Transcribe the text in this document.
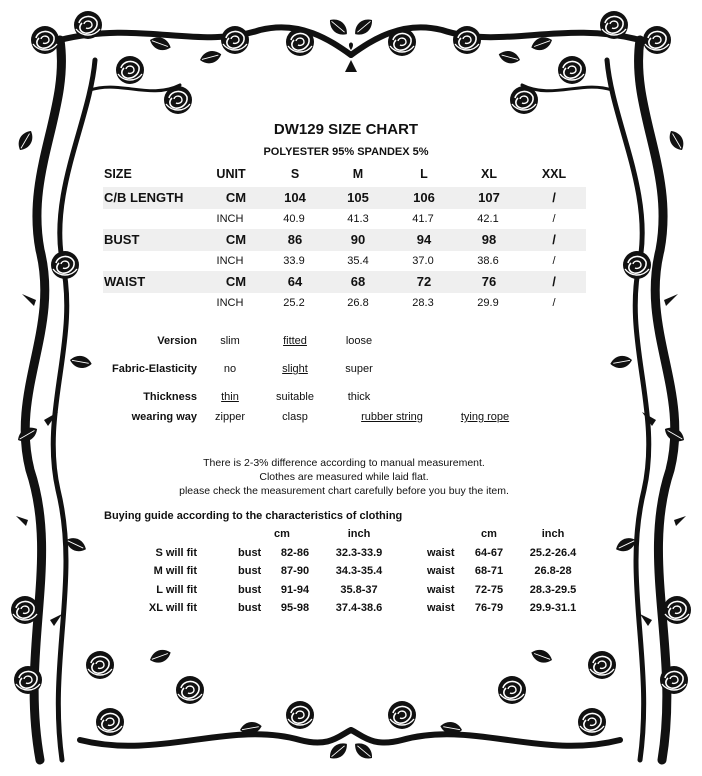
DW129 SIZE CHART
POLYESTER 95% SPANDEX 5%
SIZE	UNIT	S	M	L	XL	XXL
C/B LENGTH	CM	104	105	106	107	/
INCH	40.9	41.3	41.7	42.1	/
BUST	CM	86	90	94	98	/
INCH	33.9	35.4	37.0	38.6	/
WAIST	CM	64	68	72	76	/
INCH	25.2	26.8	28.3	29.9	/
Version slim	fitted	loose
Fabric-Elasticity no	slight	super
Thickness thin	suitable	thick
wearing way zipper	clasp	rubber string	tying rope
There is 2-3% difference according to manual measurement.
Clothes are measured while laid flat.
please check the measurement chart carefully before you buy the item.
Buying guide according to the characteristics of clothing
cm	inch	cm	inch
S will fit	bust 82-86 32.3-33.9	waist 64-67 25.2-26.4
M will fit	bust 87-90 34.3-35.4	waist 68-71	26.8-28
L will fit	bust 91-94	35.8-37	waist 72-75 28.3-29.5
XL will fit	bust 95-98 37.4-38.6	waist 76-79 29.9-31.1
